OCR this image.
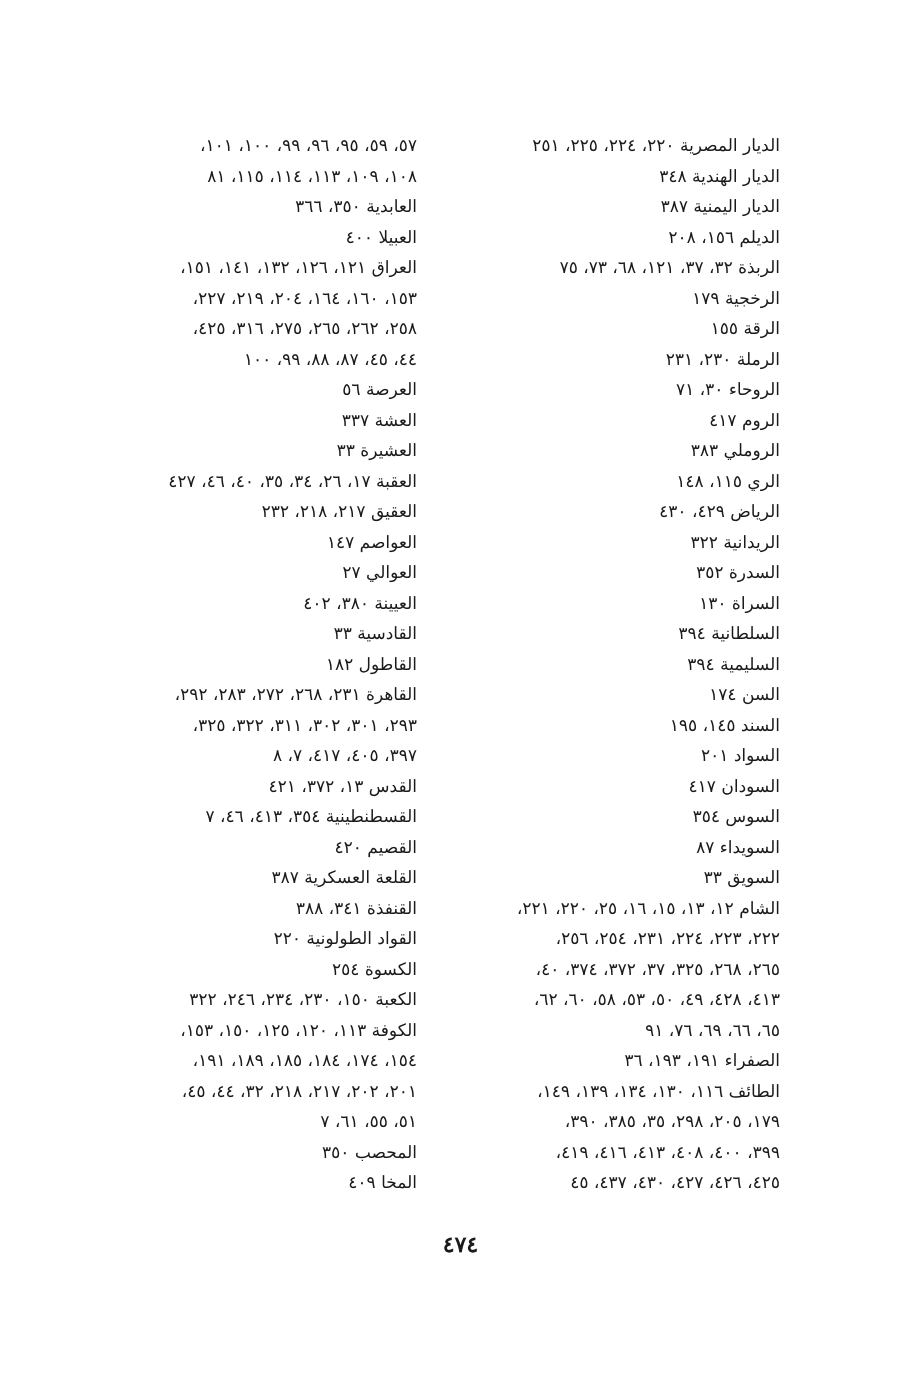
الديار المصرية ٢٢٠، ٢٢٤، ٢٢٥، ٢٥١
الديار الهندية ٣٤٨
الديار اليمنية ٣٨٧
الديلم ١٥٦، ٢٠٨
الربذة ٣٢، ٣٧، ١٢١، ٦٨، ٧٣، ٧٥
الرخجية ١٧٩
الرقة ١٥٥
الرملة ٢٣٠، ٢٣١
الروحاء ٣٠، ٧١
الروم ٤١٧
الروملي ٣٨٣
الري ١١٥، ١٤٨
الرياض ٤٢٩، ٤٣٠
الريدانية ٣٢٢
السدرة ٣٥٢
السراة ١٣٠
السلطانية ٣٩٤
السليمية ٣٩٤
السن ١٧٤
السند ١٤٥، ١٩٥
السواد ٢٠١
السودان ٤١٧
السوس ٣٥٤
السويداء ٨٧
السويق ٣٣
الشام ١٢، ١٣، ١٥، ١٦، ٢٥، ٢٢٠، ٢٢١،
٢٢٢، ٢٢٣، ٢٢٤، ٢٣١، ٢٥٤، ٢٥٦،
٢٦٥، ٢٦٨، ٣٢٥، ٣٧، ٣٧٢، ٣٧٤، ٤٠،
٤١٣، ٤٢٨، ٤٩، ٥٠، ٥٣، ٥٨، ٦٠، ٦٢،
٦٥، ٦٦، ٦٩، ٧٦، ٩١
الصفراء ١٩١، ١٩٣، ٣٦
الطائف ١١٦، ١٣٠، ١٣٤، ١٣٩، ١٤٩،
١٧٩، ٢٠٥، ٢٩٨، ٣٥، ٣٨٥، ٣٩٠،
٣٩٩، ٤٠٠، ٤٠٨، ٤١٣، ٤١٦، ٤١٩،
٤٢٥، ٤٢٦، ٤٢٧، ٤٣٠، ٤٣٧، ٤٥
٥٧، ٥٩، ٩٥، ٩٦، ٩٩، ١٠٠، ١٠١،
١٠٨، ١٠٩، ١١٣، ١١٤، ١١٥، ٨١
العابدية ٣٥٠، ٣٦٦
العبيلا ٤٠٠
العراق ١٢١، ١٢٦، ١٣٢، ١٤١، ١٥١،
١٥٣، ١٦٠، ١٦٤، ٢٠٤، ٢١٩، ٢٢٧،
٢٥٨، ٢٦٢، ٢٦٥، ٢٧٥، ٣١٦، ٤٢٥،
٤٤، ٤٥، ٨٧، ٨٨، ٩٩، ١٠٠
العرصة ٥٦
العشة ٣٣٧
العشيرة ٣٣
العقبة ١٧، ٢٦، ٣٤، ٣٥، ٤٠، ٤٦، ٤٢٧
العقيق ٢١٧، ٢١٨، ٢٣٢
العواصم ١٤٧
العوالي ٢٧
العيينة ٣٨٠، ٤٠٢
القادسية ٣٣
القاطول ١٨٢
القاهرة ٢٣١، ٢٦٨، ٢٧٢، ٢٨٣، ٢٩٢،
٢٩٣، ٣٠١، ٣٠٢، ٣١١، ٣٢٢، ٣٢٥،
٣٩٧، ٤٠٥، ٤١٧، ٧، ٨
القدس ١٣، ٣٧٢، ٤٢١
القسطنطينية ٣٥٤، ٤١٣، ٤٦، ٧
القصيم ٤٢٠
القلعة العسكرية ٣٨٧
القنفذة ٣٤١، ٣٨٨
القواد الطولونية ٢٢٠
الكسوة ٢٥٤
الكعبة ١٥٠، ٢٣٠، ٢٣٤، ٢٤٦، ٣٢٢
الكوفة ١١٣، ١٢٠، ١٢٥، ١٥٠، ١٥٣،
١٥٤، ١٧٤، ١٨٤، ١٨٥، ١٨٩، ١٩١،
٢٠١، ٢٠٢، ٢١٧، ٢١٨، ٣٢، ٤٤، ٤٥،
٥١، ٥٥، ٦١، ٧
المحصب ٣٥٠
المخا ٤٠٩
٤٧٤
